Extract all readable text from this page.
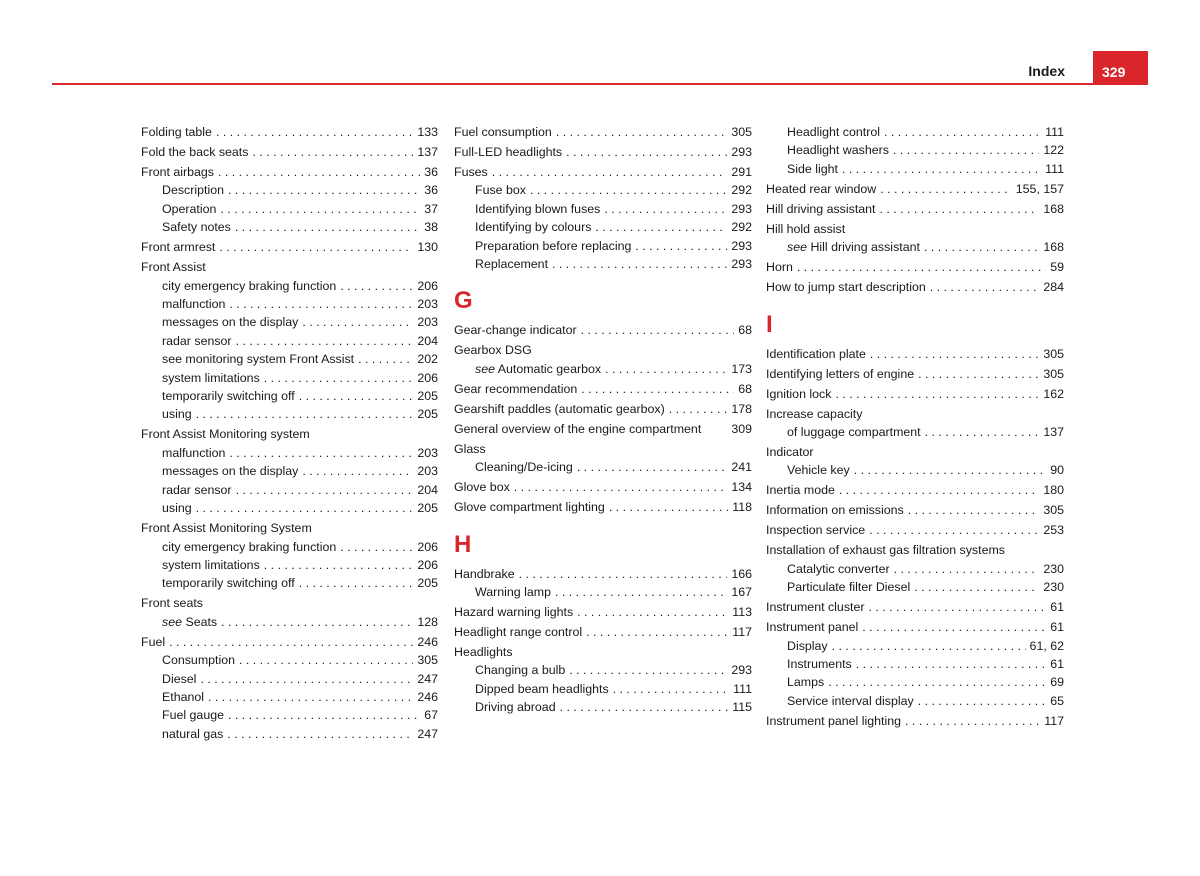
Index	329
Folding table . . .	133
Fold the back seats . . .	137
Front airbags . . .	36
Description . . .	36
Operation . . .	37
Safety notes . . .	38
Front armrest . . .	130
Front Assist
city emergency braking function . . .	206
malfunction . . .	203
messages on the display . . .	203
radar sensor . . .	204
see monitoring system Front Assist . . .	202
system limitations . . .	206
temporarily switching off . . .	205
using . . .	205
Front Assist Monitoring system
malfunction . . .	203
messages on the display . . .	203
radar sensor . . .	204
using . . .	205
Front Assist Monitoring System
city emergency braking function . . .	206
system limitations . . .	206
temporarily switching off . . .	205
Front seats
see Seats . . .	128
Fuel . . .	246
Consumption . . .	305
Diesel . . .	247
Ethanol . . .	246
Fuel gauge . . .	67
natural gas . . .	247
Fuel consumption . . .	305
Full-LED headlights . . .	293
Fuses . . .	291
Fuse box . . .	292
Identifying blown fuses . . .	293
Identifying by colours . . .	292
Preparation before replacing . . .	293
Replacement . . .	293
G
Gear-change indicator . . .	68
Gearbox DSG
see Automatic gearbox . . .	173
Gear recommendation . . .	68
Gearshift paddles (automatic gearbox) . . .	178
General overview of the engine compartment 309
Glass
Cleaning/De-icing . . .	241
Glove box . . .	134
Glove compartment lighting . . .	118
H
Handbrake . . .	166
Warning lamp . . .	167
Hazard warning lights . . .	113
Headlight range control . . .	117
Headlights
Changing a bulb . . .	293
Dipped beam headlights . . .	111
Driving abroad . . .	115
Headlight control . . .	111
Headlight washers . . .	122
Side light . . .	111
Heated rear window . . .	155, 157
Hill driving assistant . . .	168
Hill hold assist
see Hill driving assistant . . .	168
Horn . . .	59
How to jump start description . . .	284
I
Identification plate . . .	305
Identifying letters of engine . . .	305
Ignition lock . . .	162
Increase capacity
of luggage compartment . . .	137
Indicator
Vehicle key . . .	90
Inertia mode . . .	180
Information on emissions . . .	305
Inspection service . . .	253
Installation of exhaust gas filtration systems
Catalytic converter . . .	230
Particulate filter Diesel . . .	230
Instrument cluster . . .	61
Instrument panel . . .	61
Display . . .	61, 62
Instruments . . .	61
Lamps . . .	69
Service interval display . . .	65
Instrument panel lighting . . .	117
